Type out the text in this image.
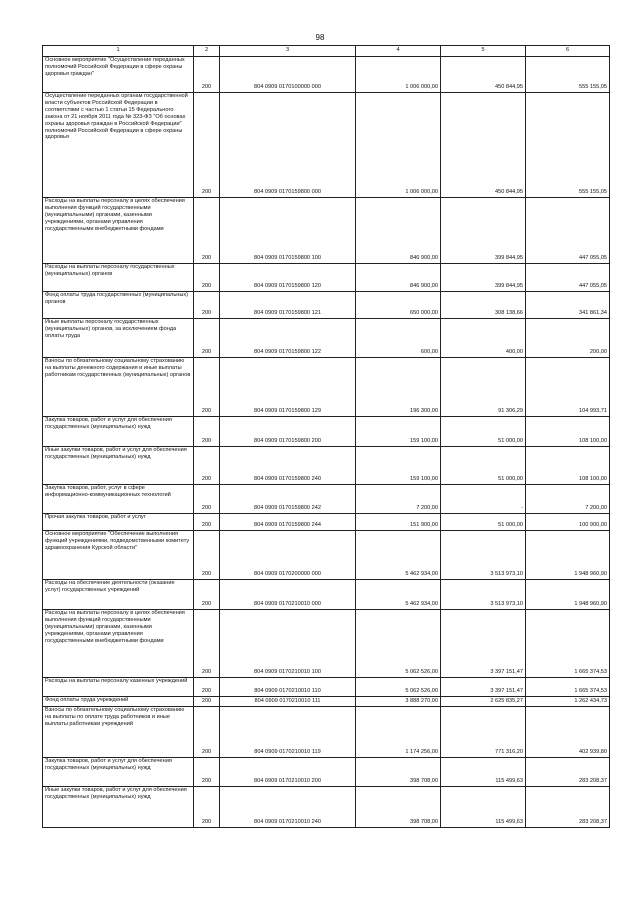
98
1	2	3	4	5	6
Основное мероприятие "Осуществление переданных полномочий Российской Федерации в сфере охраны здоровья граждан"	200	804 0909 0170100000 000	1 006 000,00	450 844,95	555 155,05
Осуществление переданных органам государственной власти субъектов Российской Федерации в соответствии с частью 1 статьи 15 Федерального закона от 21 ноября 2011 года № 323-ФЗ "Об основах охраны здоровья граждан в Российской Федерации" полномочий Российской Федерации в сфере охраны здоровья	200	804 0909 0170159800 000	1 006 000,00	450 844,95	555 155,05
Расходы на выплаты персоналу в целях обеспечения выполнения функций государственными (муниципальными) органами, казенными учреждениями, органами управления государственными внебюджетными фондами	200	804 0909 0170159800 100	846 900,00	399 844,95	447 055,05
Расходы на выплаты персоналу государственных (муниципальных) органов	200	804 0909 0170159800 120	846 900,00	399 844,95	447 055,05
Фонд оплаты труда государственных (муниципальных) органов	200	804 0909 0170159800 121	650 000,00	308 138,66	341 861,34
Иные выплаты персоналу государственных (муниципальных) органов, за исключением фонда оплаты труда	200	804 0909 0170159800 122	600,00	400,00	200,00
Взносы по обязательному социальному страхованию на выплаты денежного содержания и иные выплаты работникам государственных (муниципальных) органов	200	804 0909 0170159800 129	196 300,00	91 306,29	104 993,71
Закупка товаров, работ и услуг для обеспечения государственных (муниципальных) нужд	200	804 0909 0170159800 200	159 100,00	51 000,00	108 100,00
Иные закупки товаров, работ и услуг для обеспечения государственных (муниципальных) нужд	200	804 0909 0170159800 240	159 100,00	51 000,00	108 100,00
Закупка товаров, работ, услуг в сфере информационно-коммуникационных технологий	200	804 0909 0170159800 242	7 200,00	-	7 200,00
Прочая закупка товаров, работ и услуг	200	804 0909 0170159800 244	151 900,00	51 000,00	100 900,00
Основное мероприятие "Обеспечение выполнения функций учреждениями, подведомственными комитету здравоохранения Курской области"	200	804 0909 0170200000 000	5 462 934,00	3 513 973,10	1 948 960,90
Расходы на обеспечение деятельности (оказание услуг) государственных учреждений	200	804 0909 0170210010 000	5 462 934,00	3 513 973,10	1 948 960,90
Расходы на выплаты персоналу в целях обеспечения выполнения функций государственными (муниципальными) органами, казенными учреждениями, органами управления государственными внебюджетными фондами	200	804 0909 0170210010 100	5 062 526,00	3 397 151,47	1 665 374,53
Расходы на выплаты персоналу казенных учреждений	200	804 0909 0170210010 110	5 062 526,00	3 397 151,47	1 665 374,53
Фонд оплаты труда учреждений	200	804 0909 0170210010 111	3 888 270,00	2 625 835,27	1 262 434,73
Взносы по обязательному социальному страхованию на выплаты по оплате труда работников и иные выплаты работникам учреждений	200	804 0909 0170210010 119	1 174 256,00	771 316,20	402 939,80
Закупка товаров, работ и услуг для обеспечения государственных (муниципальных) нужд	200	804 0909 0170210010 200	398 708,00	115 499,63	283 208,37
Иные закупки товаров, работ и услуг для обеспечения государственных (муниципальных) нужд	200	804 0909 0170210010 240	398 708,00	115 499,63	283 208,37
